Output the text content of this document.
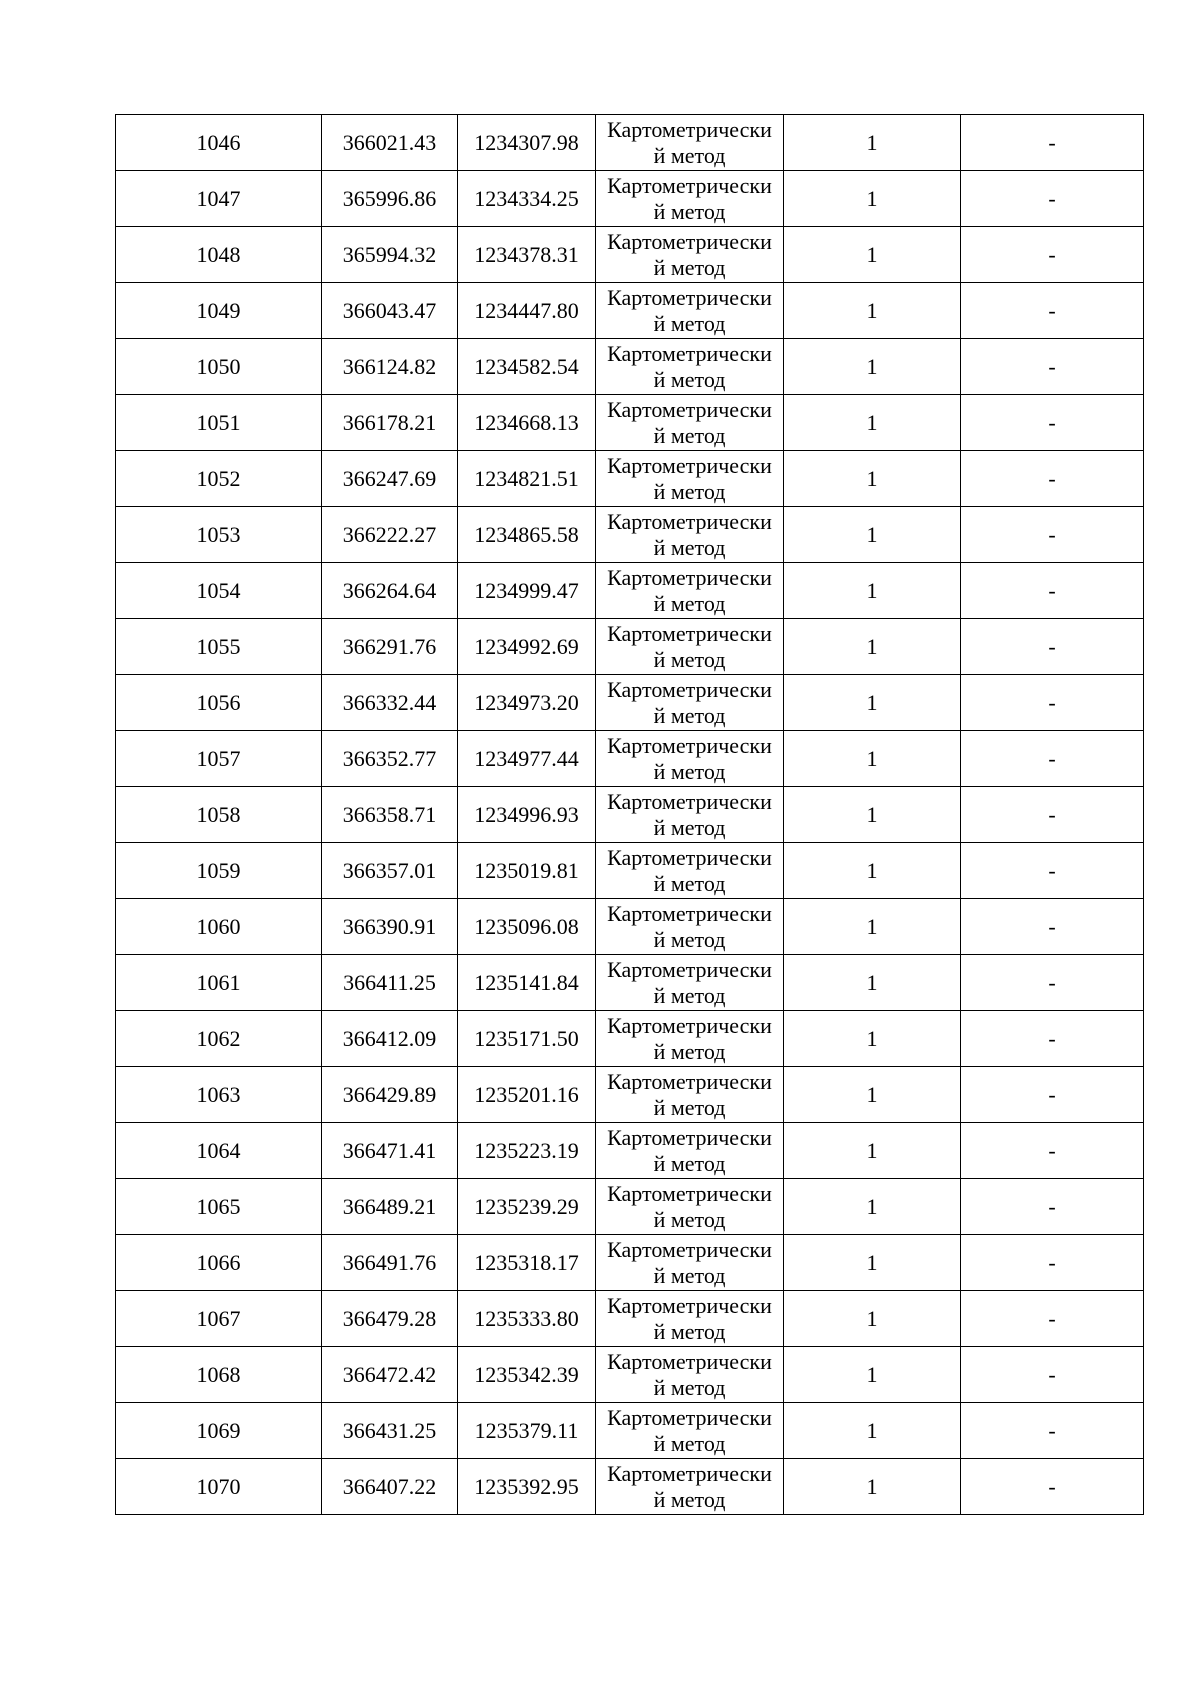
1046	366021.43	1234307.98	Картометрически
й метод	1	-
1047	365996.86	1234334.25	Картометрически
й метод	1	-
1048	365994.32	1234378.31	Картометрически
й метод	1	-
1049	366043.47	1234447.80	Картометрически
й метод	1	-
1050	366124.82	1234582.54	Картометрически
й метод	1	-
1051	366178.21	1234668.13	Картометрически
й метод	1	-
1052	366247.69	1234821.51	Картометрически
й метод	1	-
1053	366222.27	1234865.58	Картометрически
й метод	1	-
1054	366264.64	1234999.47	Картометрически
й метод	1	-
1055	366291.76	1234992.69	Картометрически
й метод	1	-
1056	366332.44	1234973.20	Картометрически
й метод	1	-
1057	366352.77	1234977.44	Картометрически
й метод	1	-
1058	366358.71	1234996.93	Картометрически
й метод	1	-
1059	366357.01	1235019.81	Картометрически
й метод	1	-
1060	366390.91	1235096.08	Картометрически
й метод	1	-
1061	366411.25	1235141.84	Картометрически
й метод	1	-
1062	366412.09	1235171.50	Картометрически
й метод	1	-
1063	366429.89	1235201.16	Картометрически
й метод	1	-
1064	366471.41	1235223.19	Картометрически
й метод	1	-
1065	366489.21	1235239.29	Картометрически
й метод	1	-
1066	366491.76	1235318.17	Картометрически
й метод	1	-
1067	366479.28	1235333.80	Картометрически
й метод	1	-
1068	366472.42	1235342.39	Картометрически
й метод	1	-
1069	366431.25	1235379.11	Картометрически
й метод	1	-
1070	366407.22	1235392.95	Картометрически
й метод	1	-
